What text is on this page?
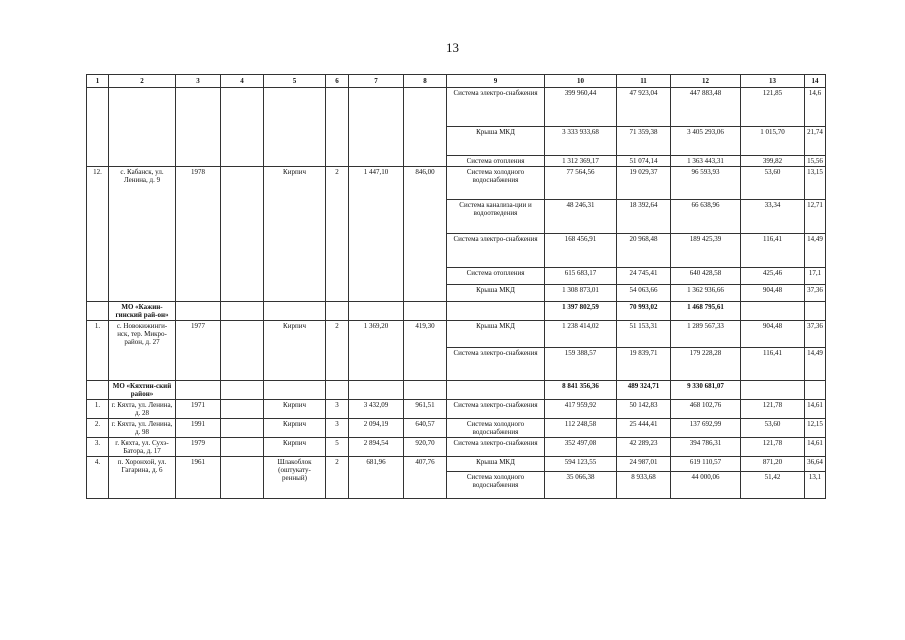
13
1	2	3	4	5	6	7	8	9	10	11	12	13	14
								Система электро-снабжения	399 960,44	47 923,04	447 883,48	121,85	14,6
								Крыша МКД	3 333 933,68	71 359,38	3 405 293,06	1 015,70	21,74
								Система отопления	1 312 369,17	51 074,14	1 363 443,31	399,82	15,56
12.	с. Кабанск, ул. Ленина, д. 9	1978		Кирпич	2	1 447,10	846,00	Система холодного водоснабжения	77 564,56	19 029,37	96 593,93	53,60	13,15
								Система канализа-ции и водоотведения	48 246,31	18 392,64	66 638,96	33,34	12,71
								Система электро-снабжения	168 456,91	20 968,48	189 425,39	116,41	14,49
								Система отопления	615 683,17	24 745,41	640 428,58	425,46	17,1
								Крыша МКД	1 308 873,01	54 063,66	1 362 936,66	904,48	37,36
	МО «Кажин-гинский рай-он»								1 397 802,59	70 993,02	1 468 795,61		
1.	с. Новокижинги-нск, тер. Микро-район, д. 27	1977		Кирпич	2	1 369,20	419,30	Крыша МКД	1 238 414,02	51 153,31	1 289 567,33	904,48	37,36
								Система электро-снабжения	159 388,57	19 839,71	179 228,28	116,41	14,49
	МО «Кяхтин-ский район»								8 841 356,36	489 324,71	9 330 681,07		
1.	г. Кяхта, ул. Ленина, д. 28	1971		Кирпич	3	3 432,09	961,51	Система электро-снабжения	417 959,92	50 142,83	468 102,76	121,78	14,61
2.	г. Кяхта, ул. Ленина, д. 98	1991		Кирпич	3	2 094,19	640,57	Система холодного водоснабжения	112 248,58	25 444,41	137 692,99	53,60	12,15
3.	г. Кяхта, ул. Сухэ-Батора, д. 17	1979		Кирпич	5	2 894,54	920,70	Система электро-снабжения	352 497,08	42 289,23	394 786,31	121,78	14,61
4.	п. Хоронхой, ул. Гагарина, д. 6	1961		Шлакоблок (оштукату-ренный)	2	681,96	407,76	Крыша МКД	594 123,55	24 987,01	619 110,57	871,20	36,64
								Система холодного водоснабжения	35 066,38	8 933,68	44 000,06	51,42	13,1
